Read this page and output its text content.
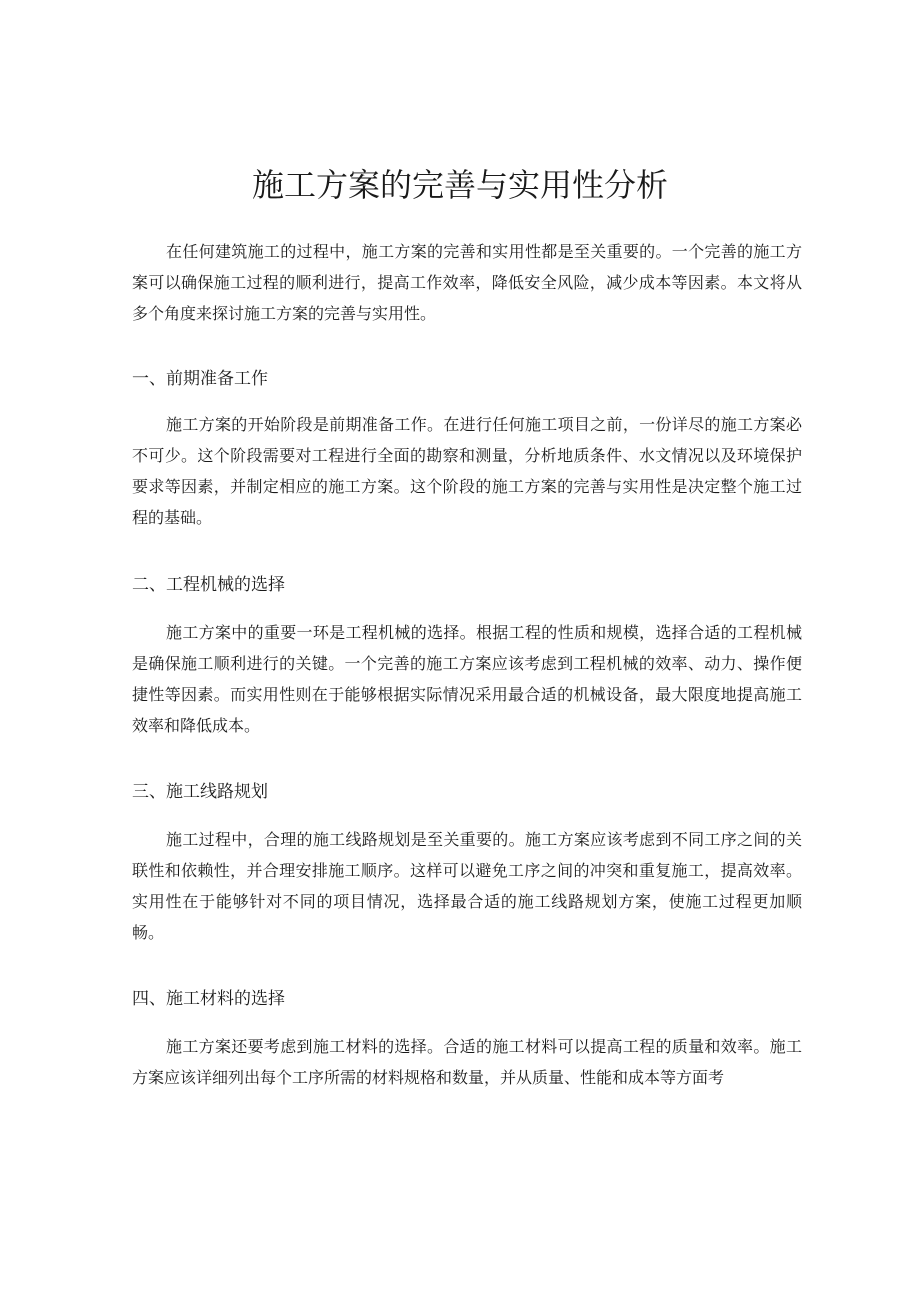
施工方案的完善与实用性分析

在任何建筑施工的过程中，施工方案的完善和实用性都是至关重要的。一个完善的施工方案可以确保施工过程的顺利进行，提高工作效率，降低安全风险，减少成本等因素。本文将从多个角度来探讨施工方案的完善与实用性。

一、前期准备工作

施工方案的开始阶段是前期准备工作。在进行任何施工项目之前，一份详尽的施工方案必不可少。这个阶段需要对工程进行全面的勘察和测量，分析地质条件、水文情况以及环境保护要求等因素，并制定相应的施工方案。这个阶段的施工方案的完善与实用性是决定整个施工过程的基础。

二、工程机械的选择

施工方案中的重要一环是工程机械的选择。根据工程的性质和规模，选择合适的工程机械是确保施工顺利进行的关键。一个完善的施工方案应该考虑到工程机械的效率、动力、操作便捷性等因素。而实用性则在于能够根据实际情况采用最合适的机械设备，最大限度地提高施工效率和降低成本。

三、施工线路规划

施工过程中，合理的施工线路规划是至关重要的。施工方案应该考虑到不同工序之间的关联性和依赖性，并合理安排施工顺序。这样可以避免工序之间的冲突和重复施工，提高效率。实用性在于能够针对不同的项目情况，选择最合适的施工线路规划方案，使施工过程更加顺畅。

四、施工材料的选择

施工方案还要考虑到施工材料的选择。合适的施工材料可以提高工程的质量和效率。施工方案应该详细列出每个工序所需的材料规格和数量，并从质量、性能和成本等方面考
